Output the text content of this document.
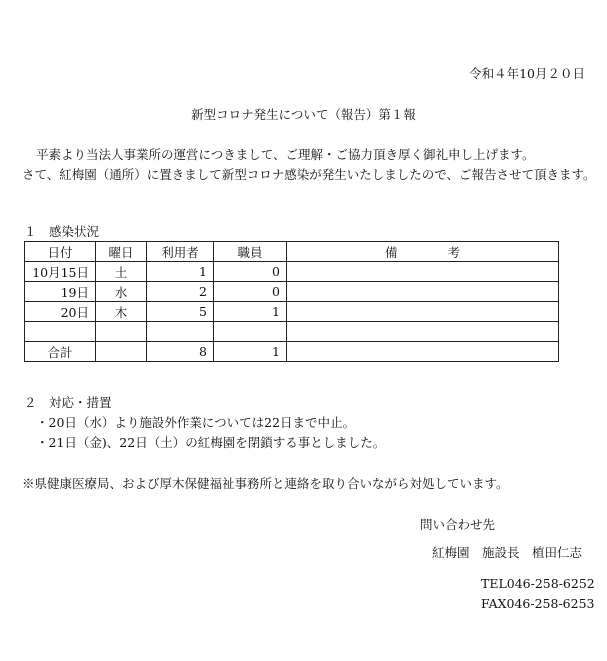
令和４年10月２０日
新型コロナ発生について（報告）第１報
平素より当法人事業所の運営につきまして、ご理解・ご協力頂き厚く御礼申し上げます。
さて、紅梅園（通所）に置きまして新型コロナ感染が発生いたしましたので、ご報告させて頂きます。
１　感染状況
日付	曜日	利用者	職員	備　　　　考
10月15日	土	1	0	
19日	水	2	0	
20日	木	5	1	

合計		8	1	
２　対応・措置
・20日（水）より施設外作業については22日まで中止。
・21日（金)、22日（土）の紅梅園を閉鎖する事としました。
※県健康医療局、および厚木保健福祉事務所と連絡を取り合いながら対処しています。
問い合わせ先
紅梅園　施設長　植田仁志
TEL046-258-6252
FAX046-258-6253
